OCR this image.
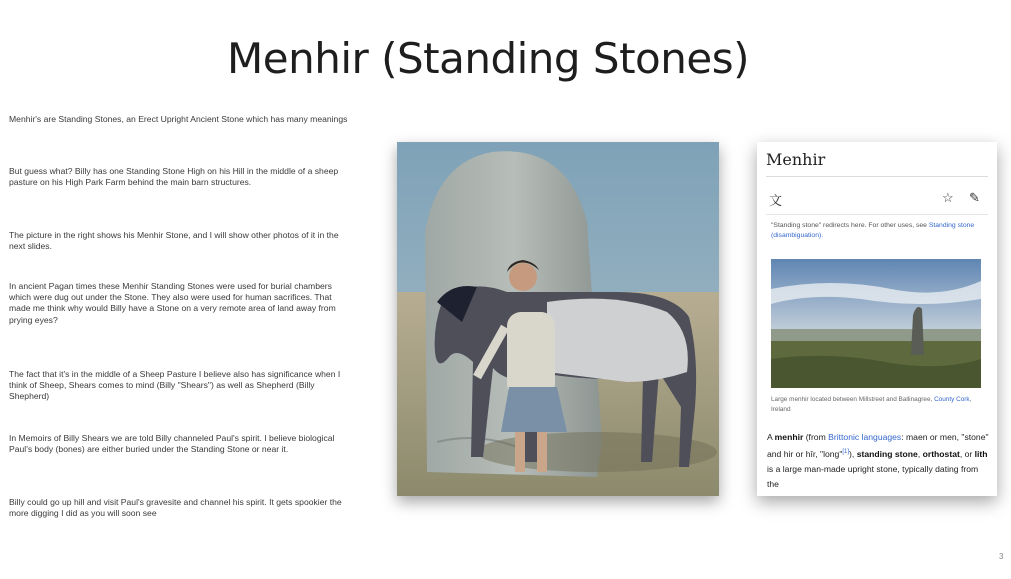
Menhir (Standing Stones)

Menhir's are Standing Stones, an Erect Upright Ancient Stone which has many meanings

But guess what? Billy has one Standing Stone High on his Hill in the middle of a sheep pasture on his High Park Farm behind the main barn structures.

The picture in the right shows his Menhir Stone, and I will show other photos of it in the next slides.

In ancient Pagan times these Menhir Standing Stones were used for burial chambers which were dug out under the Stone. They also were used for human sacrifices. That made me think why would Billy have a Stone on a very remote area of land away from prying eyes?

The fact that it's in the middle of a Sheep Pasture I believe also has significance when I think of Sheep, Shears comes to mind (Billy "Shears") as well as Shepherd (Billy Shepherd)

In Memoirs of Billy Shears we are told Billy channeled Paul's spirit. I believe biological Paul's body (bones) are either buried under the Standing Stone or near it.

Billy could go up hill and visit Paul's gravesite and channel his spirit. It gets spookier the more digging I did as you will soon see

Menhir
文	☆ ✎
"Standing stone" redirects here. For other uses, see Standing stone (disambiguation).
Large menhir located between Millstreet and Ballinagree, County Cork, Ireland
A menhir (from Brittonic languages: maen or men, "stone" and hir or hîr, "long"[1]), standing stone, orthostat, or lith is a large man-made upright stone, typically dating from the
3
